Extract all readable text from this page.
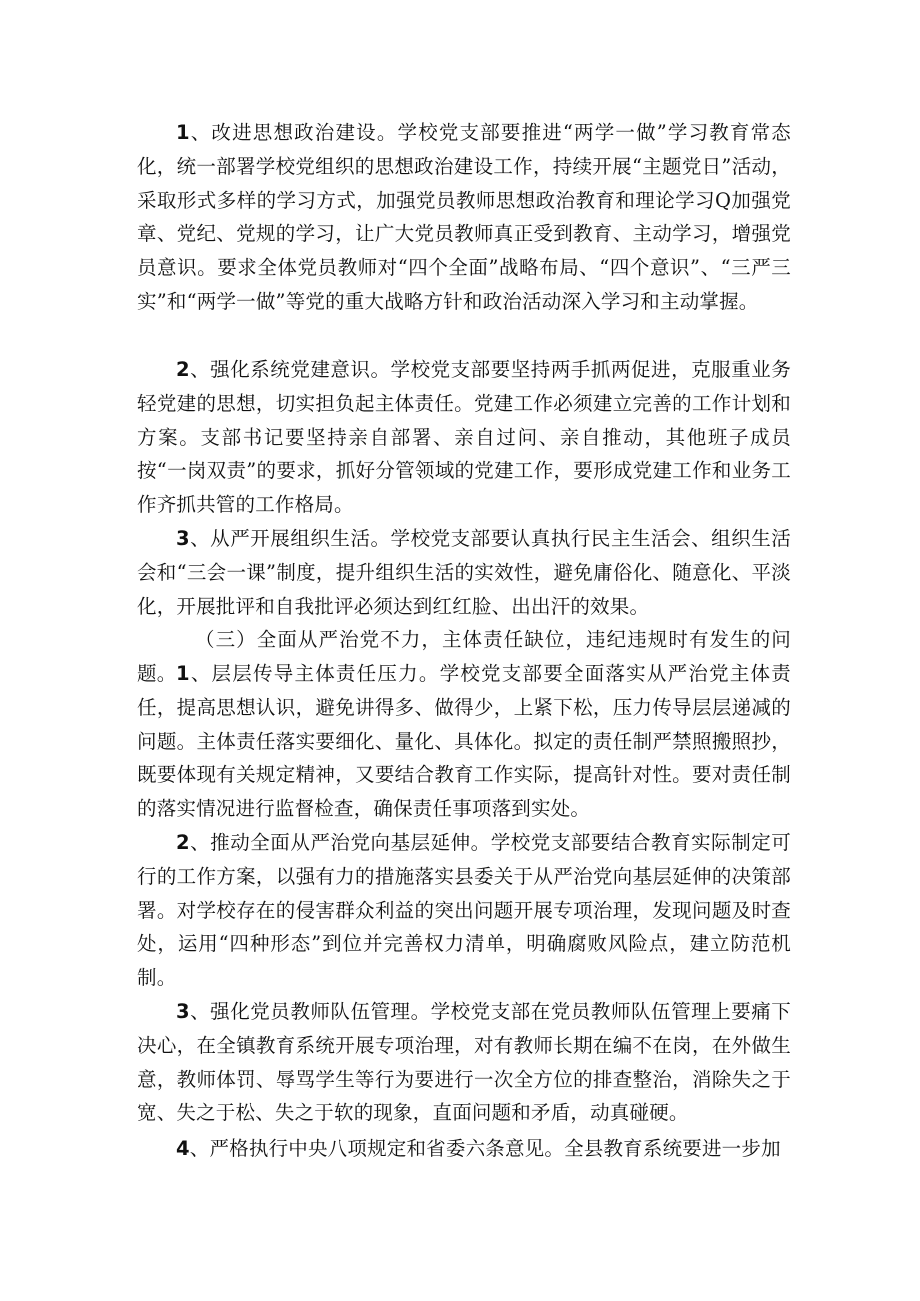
1、改进思想政治建设。学校党支部要推进“两学一做”学习教育常态化，统一部署学校党组织的思想政治建设工作，持续开展“主题党日”活动，采取形式多样的学习方式，加强党员教师思想政治教育和理论学习Q加强党章、党纪、党规的学习，让广大党员教师真正受到教育、主动学习，增强党员意识。要求全体党员教师对“四个全面”战略布局、“四个意识”、“三严三实”和“两学一做”等党的重大战略方针和政治活动深入学习和主动掌握。

2、强化系统党建意识。学校党支部要坚持两手抓两促进，克服重业务轻党建的思想，切实担负起主体责任。党建工作必须建立完善的工作计划和方案。支部书记要坚持亲自部署、亲自过问、亲自推动，其他班子成员按“一岗双责”的要求，抓好分管领域的党建工作，要形成党建工作和业务工作齐抓共管的工作格局。

3、从严开展组织生活。学校党支部要认真执行民主生活会、组织生活会和“三会一课”制度，提升组织生活的实效性，避免庸俗化、随意化、平淡化，开展批评和自我批评必须达到红红脸、出出汗的效果。

（三）全面从严治党不力，主体责任缺位，违纪违规时有发生的问题。 1、层层传导主体责任压力。学校党支部要全面落实从严治党主体责任，提高思想认识，避免讲得多、做得少，上紧下松，压力传导层层递减的问题。主体责任落实要细化、量化、具体化。拟定的责任制严禁照搬照抄，既要体现有关规定精神，又要结合教育工作实际，提高针对性。要对责任制的落实情况进行监督检查，确保责任事项落到实处。

2、推动全面从严治党向基层延伸。学校党支部要结合教育实际制定可行的工作方案，以强有力的措施落实县委关于从严治党向基层延伸的决策部署。对学校存在的侵害群众利益的突出问题开展专项治理，发现问题及时查处，运用“四种形态”到位并完善权力清单，明确腐败风险点，建立防范机制。

3、强化党员教师队伍管理。学校党支部在党员教师队伍管理上要痛下决心，在全镇教育系统开展专项治理，对有教师长期在编不在岗，在外做生意，教师体罚、辱骂学生等行为要进行一次全方位的排查整治，消除失之于宽、失之于松、失之于软的现象，直面问题和矛盾，动真碰硬。

4、严格执行中央八项规定和省委六条意见。全县教育系统要进一步加
